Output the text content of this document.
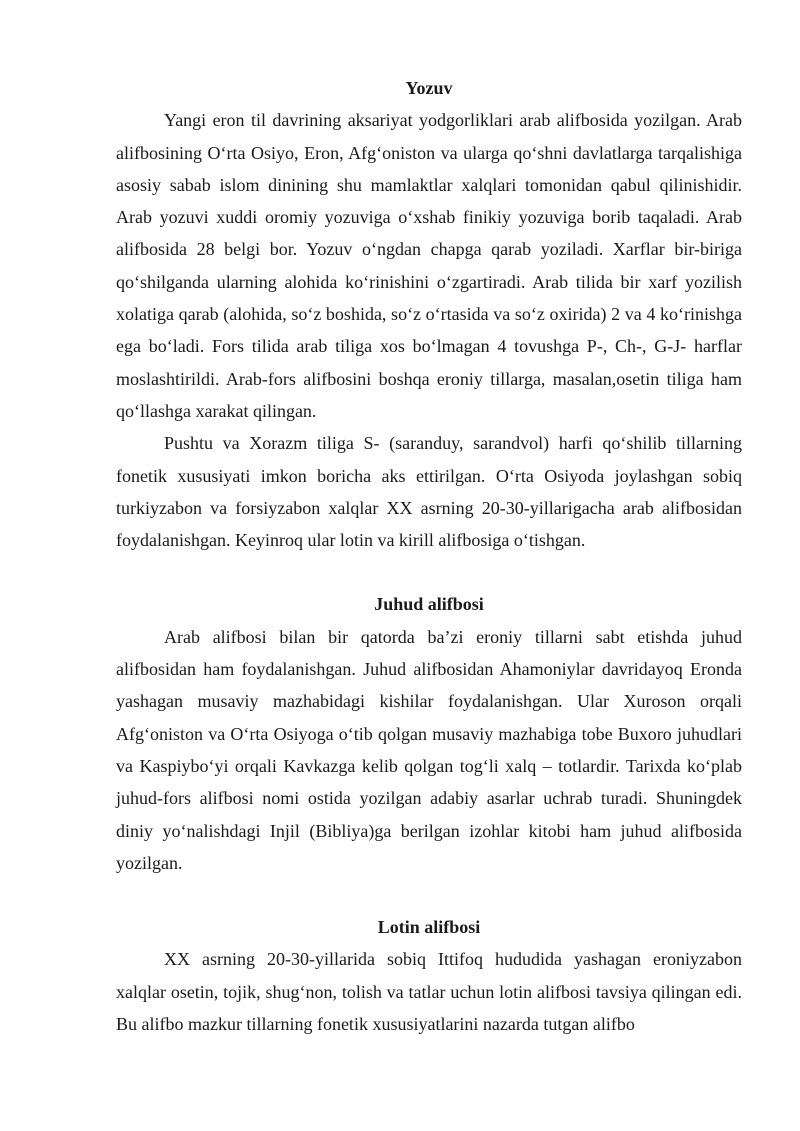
Yozuv

Yangi eron til davrining aksariyat yodgorliklari arab alifbosida yozilgan. Arab alifbosining O‘rta Osiyo, Eron, Afg‘oniston va ularga qo‘shni davlatlarga tarqalishiga asosiy sabab islom dinining shu mamlaktlar xalqlari tomonidan qabul qilinishidir. Arab yozuvi xuddi oromiy yozuviga o‘xshab finikiy yozuviga borib taqaladi. Arab alifbosida 28 belgi bor. Yozuv o‘ngdan chapga qarab yoziladi. Xarflar bir-biriga qo‘shilganda ularning alohida ko‘rinishini o‘zgartiradi. Arab tilida bir xarf yozilish xolatiga qarab (alohida, so‘z boshida, so‘z o‘rtasida va so‘z oxirida) 2 va 4 ko‘rinishga ega bo‘ladi. Fors tilida arab tiliga xos bo‘lmagan 4 tovushga P-, Ch-, G-J- harflar moslashtirildi. Arab-fors alifbosini boshqa eroniy tillarga, masalan,osetin tiliga ham qo‘llashga xarakat qilingan.

Pushtu va Xorazm tiliga S- (saranduy, sarandvol) harfi qo‘shilib tillarning fonetik xususiyati imkon boricha aks ettirilgan. O‘rta Osiyoda joylashgan sobiq turkiyzabon va forsiyzabon xalqlar XX asrning 20-30-yillarigacha arab alifbosidan foydalanishgan. Keyinroq ular lotin va kirill alifbosiga o‘tishgan.

Juhud alifbosi

Arab alifbosi bilan bir qatorda ba’zi eroniy tillarni sabt etishda juhud alifbosidan ham foydalanishgan. Juhud alifbosidan Ahamoniylar davridayoq Eronda yashagan musaviy mazhabidagi kishilar foydalanishgan. Ular Xuroson orqali Afg‘oniston va O‘rta Osiyoga o‘tib qolgan musaviy mazhabiga tobe Buxoro juhudlari va Kaspiybo‘yi orqali Kavkazga kelib qolgan tog‘li xalq – totlardir. Tarixda ko‘plab juhud-fors alifbosi nomi ostida yozilgan adabiy asarlar uchrab turadi. Shuningdek diniy yo‘nalishdagi Injil (Bibliya)ga berilgan izohlar kitobi ham juhud alifbosida yozilgan.

Lotin alifbosi

XX asrning 20-30-yillarida sobiq Ittifoq hududida yashagan eroniyzabon xalqlar osetin, tojik, shug‘non, tolish va tatlar uchun lotin alifbosi tavsiya qilingan edi. Bu alifbo mazkur tillarning fonetik xususiyatlarini nazarda tutgan alifbo
